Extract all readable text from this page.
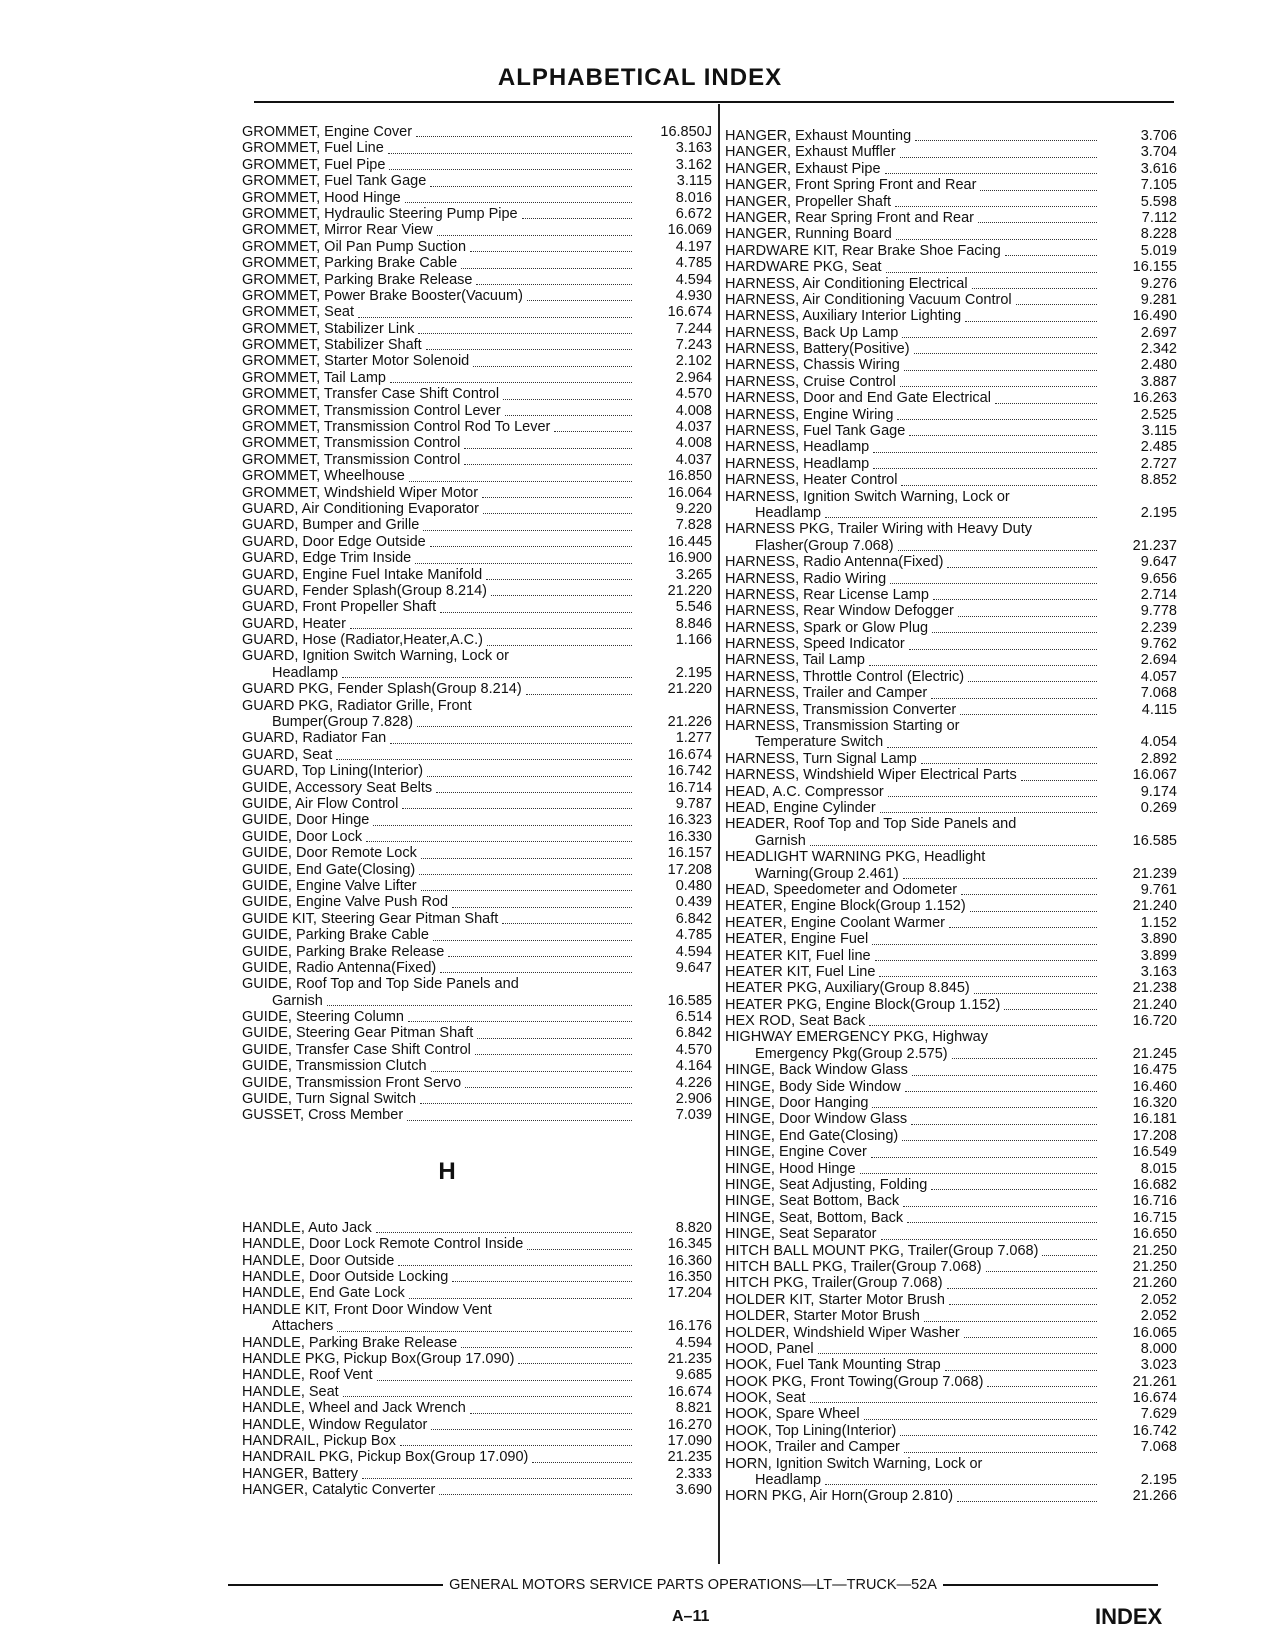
ALPHABETICAL INDEX
GROMMET, Engine Cover	16.850J
GROMMET, Fuel Line	3.163
GROMMET, Fuel Pipe	3.162
GROMMET, Fuel Tank Gage	3.115
GROMMET, Hood Hinge	8.016
GROMMET, Hydraulic Steering Pump Pipe	6.672
GROMMET, Mirror Rear View	16.069
GROMMET, Oil Pan Pump Suction	4.197
GROMMET, Parking Brake Cable	4.785
GROMMET, Parking Brake Release	4.594
GROMMET, Power Brake Booster(Vacuum)	4.930
GROMMET, Seat	16.674
GROMMET, Stabilizer Link	7.244
GROMMET, Stabilizer Shaft	7.243
GROMMET, Starter Motor Solenoid	2.102
GROMMET, Tail Lamp	2.964
GROMMET, Transfer Case Shift Control	4.570
GROMMET, Transmission Control Lever	4.008
GROMMET, Transmission Control Rod To Lever	4.037
GROMMET, Transmission Control	4.008
GROMMET, Transmission Control	4.037
GROMMET, Wheelhouse	16.850
GROMMET, Windshield Wiper Motor	16.064
GUARD, Air Conditioning Evaporator	9.220
GUARD, Bumper and Grille	7.828
GUARD, Door Edge Outside	16.445
GUARD, Edge Trim Inside	16.900
GUARD, Engine Fuel Intake Manifold	3.265
GUARD, Fender Splash(Group 8.214)	21.220
GUARD, Front Propeller Shaft	5.546
GUARD, Heater	8.846
GUARD, Hose (Radiator,Heater,A.C.)	1.166
GUARD, Ignition Switch Warning, Lock or
Headlamp	2.195
GUARD PKG, Fender Splash(Group 8.214)	21.220
GUARD PKG, Radiator Grille, Front
Bumper(Group 7.828)	21.226
GUARD, Radiator Fan	1.277
GUARD, Seat	16.674
GUARD, Top Lining(Interior)	16.742
GUIDE, Accessory Seat Belts	16.714
GUIDE, Air Flow Control	9.787
GUIDE, Door Hinge	16.323
GUIDE, Door Lock	16.330
GUIDE, Door Remote Lock	16.157
GUIDE, End Gate(Closing)	17.208
GUIDE, Engine Valve Lifter	0.480
GUIDE, Engine Valve Push Rod	0.439
GUIDE KIT, Steering Gear Pitman Shaft	6.842
GUIDE, Parking Brake Cable	4.785
GUIDE, Parking Brake Release	4.594
GUIDE, Radio Antenna(Fixed)	9.647
GUIDE, Roof Top and Top Side Panels and
Garnish	16.585
GUIDE, Steering Column	6.514
GUIDE, Steering Gear Pitman Shaft	6.842
GUIDE, Transfer Case Shift Control	4.570
GUIDE, Transmission Clutch	4.164
GUIDE, Transmission Front Servo	4.226
GUIDE, Turn Signal Switch	2.906
GUSSET, Cross Member	7.039
H
HANDLE, Auto Jack	8.820
HANDLE, Door Lock Remote Control Inside	16.345
HANDLE, Door Outside	16.360
HANDLE, Door Outside Locking	16.350
HANDLE, End Gate Lock	17.204
HANDLE KIT, Front Door Window Vent
Attachers	16.176
HANDLE, Parking Brake Release	4.594
HANDLE PKG, Pickup Box(Group 17.090)	21.235
HANDLE, Roof Vent	9.685
HANDLE, Seat	16.674
HANDLE, Wheel and Jack Wrench	8.821
HANDLE, Window Regulator	16.270
HANDRAIL, Pickup Box	17.090
HANDRAIL PKG, Pickup Box(Group 17.090)	21.235
HANGER, Battery	2.333
HANGER, Catalytic Converter	3.690
HANGER, Exhaust Mounting	3.706
HANGER, Exhaust Muffler	3.704
HANGER, Exhaust Pipe	3.616
HANGER, Front Spring Front and Rear	7.105
HANGER, Propeller Shaft	5.598
HANGER, Rear Spring Front and Rear	7.112
HANGER, Running Board	8.228
HARDWARE KIT, Rear Brake Shoe Facing	5.019
HARDWARE PKG, Seat	16.155
HARNESS, Air Conditioning Electrical	9.276
HARNESS, Air Conditioning Vacuum Control	9.281
HARNESS, Auxiliary Interior Lighting	16.490
HARNESS, Back Up Lamp	2.697
HARNESS, Battery(Positive)	2.342
HARNESS, Chassis Wiring	2.480
HARNESS, Cruise Control	3.887
HARNESS, Door and End Gate Electrical	16.263
HARNESS, Engine Wiring	2.525
HARNESS, Fuel Tank Gage	3.115
HARNESS, Headlamp	2.485
HARNESS, Headlamp	2.727
HARNESS, Heater Control	8.852
HARNESS, Ignition Switch Warning, Lock or
Headlamp	2.195
HARNESS PKG, Trailer Wiring with Heavy Duty
Flasher(Group 7.068)	21.237
HARNESS, Radio Antenna(Fixed)	9.647
HARNESS, Radio Wiring	9.656
HARNESS, Rear License Lamp	2.714
HARNESS, Rear Window Defogger	9.778
HARNESS, Spark or Glow Plug	2.239
HARNESS, Speed Indicator	9.762
HARNESS, Tail Lamp	2.694
HARNESS, Throttle Control (Electric)	4.057
HARNESS, Trailer and Camper	7.068
HARNESS, Transmission Converter	4.115
HARNESS, Transmission Starting or
Temperature Switch	4.054
HARNESS, Turn Signal Lamp	2.892
HARNESS, Windshield Wiper Electrical Parts	16.067
HEAD, A.C. Compressor	9.174
HEAD, Engine Cylinder	0.269
HEADER, Roof Top and Top Side Panels and
Garnish	16.585
HEADLIGHT WARNING PKG, Headlight
Warning(Group 2.461)	21.239
HEAD, Speedometer and Odometer	9.761
HEATER, Engine Block(Group 1.152)	21.240
HEATER, Engine Coolant Warmer	1.152
HEATER, Engine Fuel	3.890
HEATER KIT, Fuel line	3.899
HEATER KIT, Fuel Line	3.163
HEATER PKG, Auxiliary(Group 8.845)	21.238
HEATER PKG, Engine Block(Group 1.152)	21.240
HEX ROD, Seat Back	16.720
HIGHWAY EMERGENCY PKG, Highway
Emergency Pkg(Group 2.575)	21.245
HINGE, Back Window Glass	16.475
HINGE, Body Side Window	16.460
HINGE, Door Hanging	16.320
HINGE, Door Window Glass	16.181
HINGE, End Gate(Closing)	17.208
HINGE, Engine Cover	16.549
HINGE, Hood Hinge	8.015
HINGE, Seat Adjusting, Folding	16.682
HINGE, Seat Bottom, Back	16.716
HINGE, Seat, Bottom, Back	16.715
HINGE, Seat Separator	16.650
HITCH BALL MOUNT PKG, Trailer(Group 7.068)	21.250
HITCH BALL PKG, Trailer(Group 7.068)	21.250
HITCH PKG, Trailer(Group 7.068)	21.260
HOLDER KIT, Starter Motor Brush	2.052
HOLDER, Starter Motor Brush	2.052
HOLDER, Windshield Wiper Washer	16.065
HOOD, Panel	8.000
HOOK, Fuel Tank Mounting Strap	3.023
HOOK PKG, Front Towing(Group 7.068)	21.261
HOOK, Seat	16.674
HOOK, Spare Wheel	7.629
HOOK, Top Lining(Interior)	16.742
HOOK, Trailer and Camper	7.068
HORN, Ignition Switch Warning, Lock or
Headlamp	2.195
HORN PKG, Air Horn(Group 2.810)	21.266
GENERAL MOTORS SERVICE PARTS OPERATIONS—LT—TRUCK—52A
A–11	INDEX
